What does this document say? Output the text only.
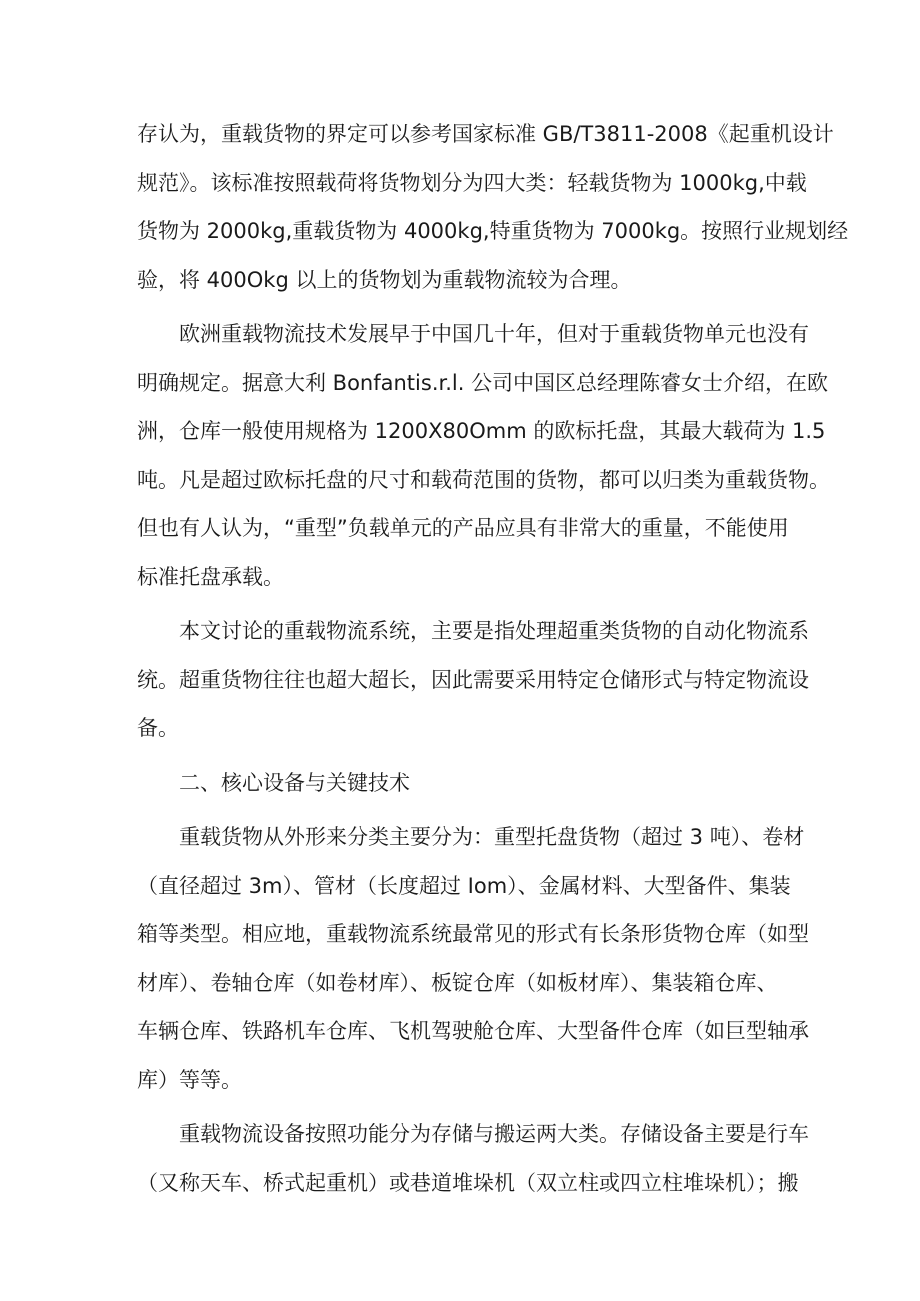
存认为，重载货物的界定可以参考国家标准 GB/T3811-2008《起重机设计
规范》。该标准按照载荷将货物划分为四大类：轻载货物为 1000kg,中载
货物为 2000kg,重载货物为 4000kg,特重货物为 7000kg。按照行业规划经
验，将 400Okg 以上的货物划为重载物流较为合理。
欧洲重载物流技术发展早于中国几十年，但对于重载货物单元也没有
明确规定。据意大利 Bonfantis.r.l. 公司中国区总经理陈睿女士介绍，在欧
洲，仓库一般使用规格为 1200X80Omm 的欧标托盘，其最大载荷为 1.5
吨。凡是超过欧标托盘的尺寸和载荷范围的货物，都可以归类为重载货物。
但也有人认为，“重型”负载单元的产品应具有非常大的重量，不能使用
标准托盘承载。
本文讨论的重载物流系统，主要是指处理超重类货物的自动化物流系
统。超重货物往往也超大超长，因此需要采用特定仓储形式与特定物流设
备。
二、核心设备与关键技术
重载货物从外形来分类主要分为：重型托盘货物（超过 3 吨）、卷材
（直径超过 3m）、管材（长度超过 Iom）、金属材料、大型备件、集装
箱等类型。相应地，重载物流系统最常见的形式有长条形货物仓库（如型
材库）、卷轴仓库（如卷材库）、板锭仓库（如板材库）、集装箱仓库、
车辆仓库、铁路机车仓库、飞机驾驶舱仓库、大型备件仓库（如巨型轴承
库）等等。
重载物流设备按照功能分为存储与搬运两大类。存储设备主要是行车
（又称天车、桥式起重机）或巷道堆垛机（双立柱或四立柱堆垛机）；搬
